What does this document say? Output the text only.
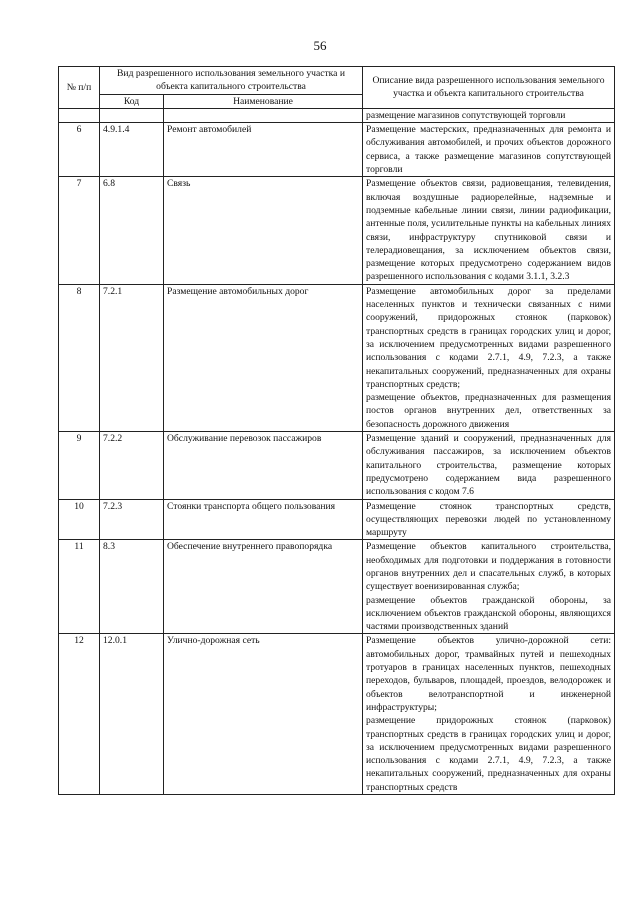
56
№ п/п	Вид разрешенного использования земельного участка и объекта капитального строительства		Описание вида разрешенного использования земельного участка и объекта капитального строительства
	Код	Наименование	
			размещение магазинов сопутствующей торговли
6	4.9.1.4	Ремонт автомобилей	Размещение мастерских, предназначенных для ремонта и обслуживания автомобилей, и прочих объектов дорожного сервиса, а также размещение магазинов сопутствующей торговли

7	6.8	Связь	Размещение объектов связи, радиовещания, телевидения, включая воздушные радиорелейные, надземные и подземные кабельные линии связи, линии радиофикации, антенные поля, усилительные пункты на кабельных линиях связи, инфраструктуру спутниковой связи и телерадиовещания, за исключением объектов связи, размещение которых предусмотрено содержанием видов разрешенного использования с кодами 3.1.1, 3.2.3

8	7.2.1	Размещение автомобильных дорог	Размещение автомобильных дорог за пределами населенных пунктов и технически связанных с ними сооружений, придорожных стоянок (парковок) транспортных средств в границах городских улиц и дорог, за исключением предусмотренных видами разрешенного использования с кодами 2.7.1, 4.9, 7.2.3, а также некапитальных сооружений, предназначенных для охраны транспортных средств;
размещение объектов, предназначенных для размещения постов органов внутренних дел, ответственных за безопасность дорожного движения

9	7.2.2	Обслуживание перевозок пассажиров	Размещение зданий и сооружений, предназначенных для обслуживания пассажиров, за исключением объектов капитального строительства, размещение которых предусмотрено содержанием вида разрешенного использования с кодом 7.6

10	7.2.3	Стоянки транспорта общего пользования	Размещение стоянок транспортных средств, осуществляющих перевозки людей по установленному маршруту

11	8.3	Обеспечение внутреннего правопорядка	Размещение объектов капитального строительства, необходимых для подготовки и поддержания в готовности органов внутренних дел и спасательных служб, в которых существует военизированная служба;
размещение объектов гражданской обороны, за исключением объектов гражданской обороны, являющихся частями производственных зданий

12	12.0.1	Улично-дорожная сеть	Размещение объектов улично-дорожной сети: автомобильных дорог, трамвайных путей и пешеходных тротуаров в границах населенных пунктов, пешеходных переходов, бульваров, площадей, проездов, велодорожек и объектов велотранспортной и инженерной инфраструктуры;
размещение придорожных стоянок (парковок) транспортных средств в границах городских улиц и дорог, за исключением предусмотренных видами разрешенного использования с кодами 2.7.1, 4.9, 7.2.3, а также некапитальных сооружений, предназначенных для охраны транспортных средств
